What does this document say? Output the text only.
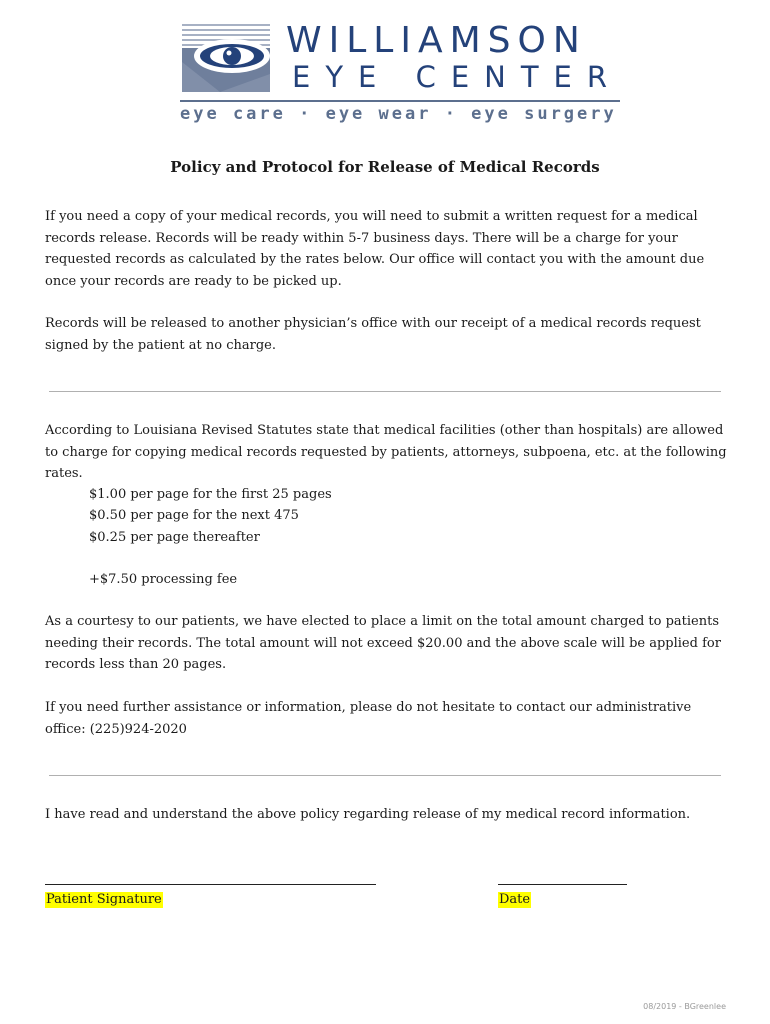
WILLIAMSON
EYE CENTER
eye care · eye wear · eye surgery
Policy and Protocol for Release of Medical Records

If you need a copy of your medical records, you will need to submit a written request for a medical records release. Records will be ready within 5-7 business days. There will be a charge for your requested records as calculated by the rates below. Our office will contact you with the amount due once your records are ready to be picked up.

Records will be released to another physician’s office with our receipt of a medical records request signed by the patient at no charge.

According to Louisiana Revised Statutes state that medical facilities (other than hospitals) are allowed to charge for copying medical records requested by patients, attorneys, subpoena, etc. at the following rates.

$1.00 per page for the first 25 pages
$0.50 per page for the next 475
$0.25 per page thereafter
+$7.50 processing fee

As a courtesy to our patients, we have elected to place a limit on the total amount charged to patients needing their records. The total amount will not exceed $20.00 and the above scale will be applied for records less than 20 pages.

If you need further assistance or information, please do not hesitate to contact our administrative office: (225)924-2020

I have read and understand the above policy regarding release of my medical record information.

Patient Signature	Date
08/2019 - BGreenlee
